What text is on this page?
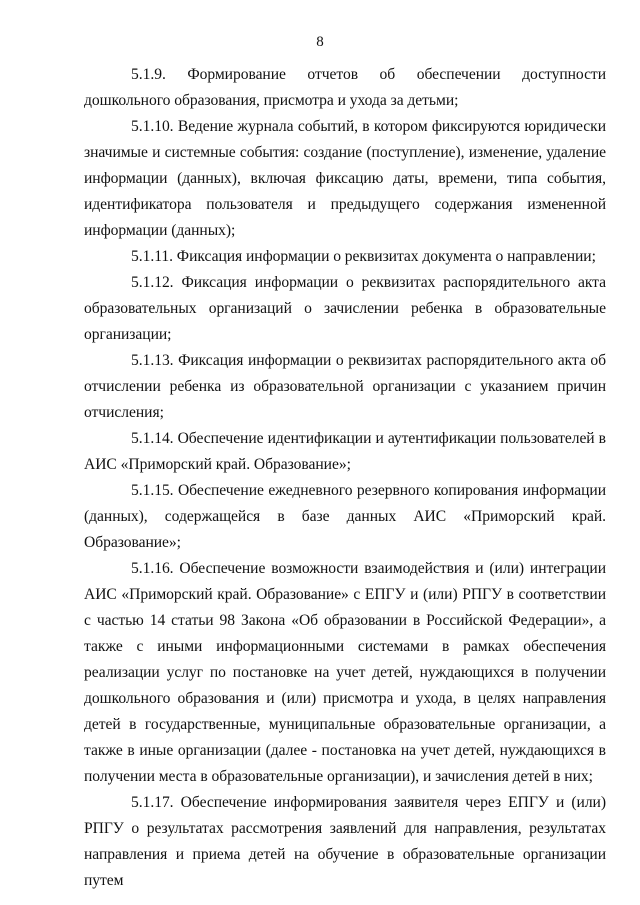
8

5.1.9. Формирование отчетов об обеспечении доступности дошкольного образования, присмотра и ухода за детьми;

5.1.10. Ведение журнала событий, в котором фиксируются юридически значимые и системные события: создание (поступление), изменение, удаление информации (данных), включая фиксацию даты, времени, типа события, идентификатора пользователя и предыдущего содержания измененной информации (данных);

5.1.11. Фиксация информации о реквизитах документа о направлении;

5.1.12. Фиксация информации о реквизитах распорядительного акта образовательных организаций о зачислении ребенка в образовательные организации;

5.1.13. Фиксация информации о реквизитах распорядительного акта об отчислении ребенка из образовательной организации с указанием причин отчисления;

5.1.14. Обеспечение идентификации и аутентификации пользователей в АИС «Приморский край. Образование»;

5.1.15. Обеспечение ежедневного резервного копирования информации (данных), содержащейся в базе данных АИС «Приморский край. Образование»;

5.1.16. Обеспечение возможности взаимодействия и (или) интеграции АИС «Приморский край. Образование» с ЕПГУ и (или) РПГУ в соответствии с частью 14 статьи 98 Закона «Об образовании в Российской Федерации», а также с иными информационными системами в рамках обеспечения реализации услуг по постановке на учет детей, нуждающихся в получении дошкольного образования и (или) присмотра и ухода, в целях направления детей в государственные, муниципальные образовательные организации, а также в иные организации (далее - постановка на учет детей, нуждающихся в получении места в образовательные организации), и зачисления детей в них;

5.1.17. Обеспечение информирования заявителя через ЕПГУ и (или) РПГУ о результатах рассмотрения заявлений для направления, результатах направления и приема детей на обучение в образовательные организации путем
